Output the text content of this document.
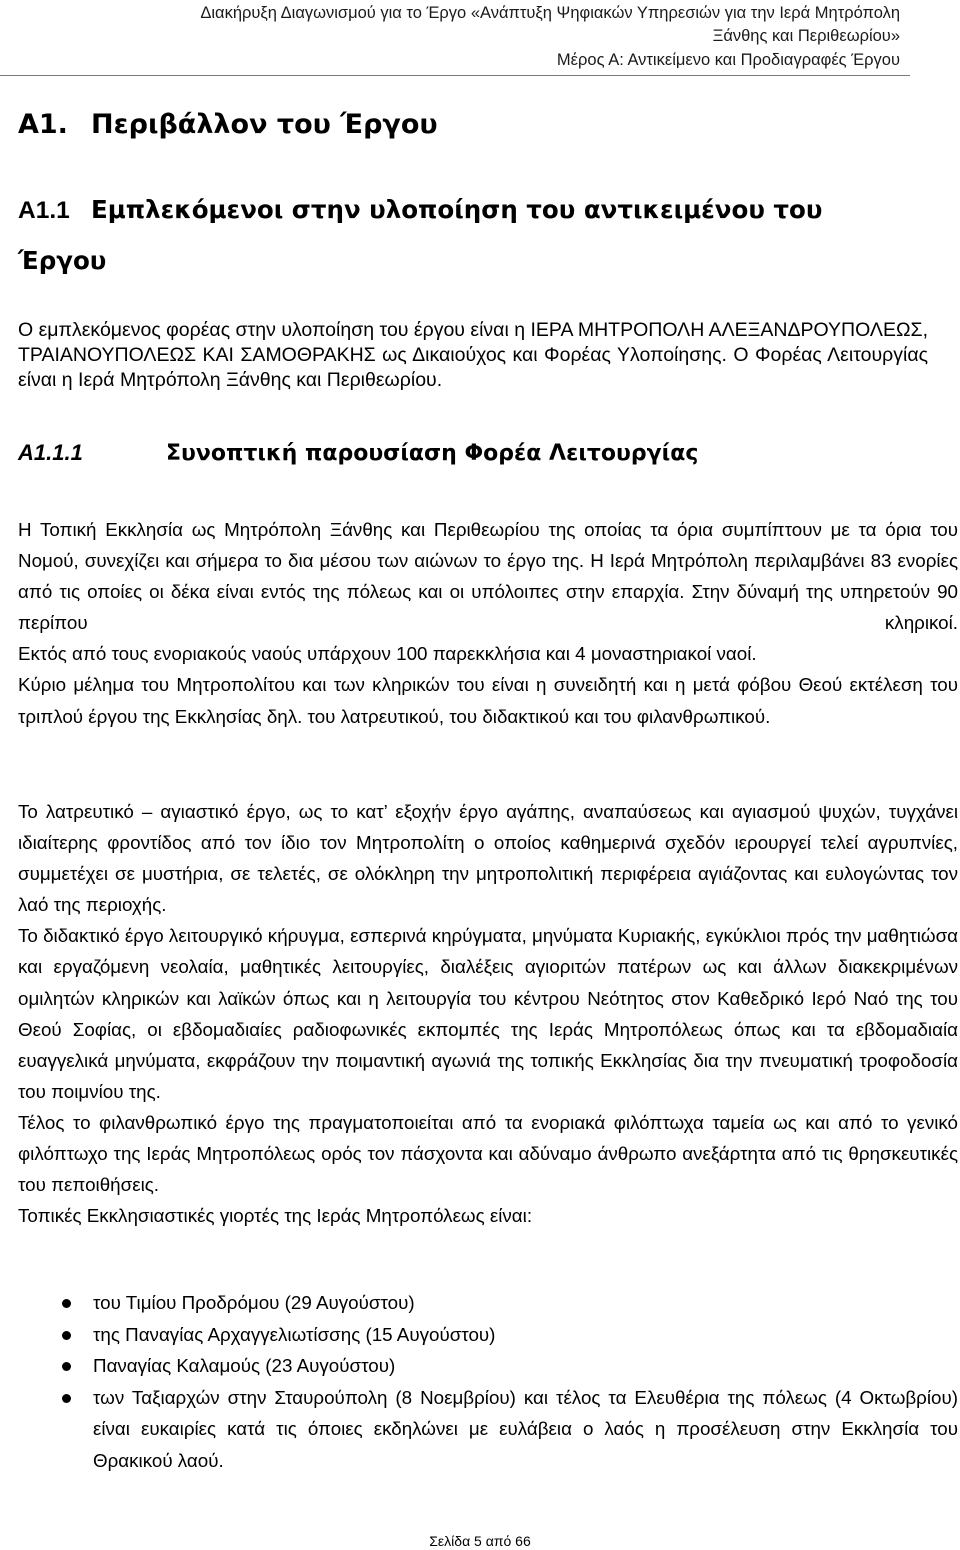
Διακήρυξη Διαγωνισμού για το Έργο «Ανάπτυξη Ψηφιακών Υπηρεσιών για την Ιερά Μητρόπολη
Ξάνθης και Περιθεωρίου»
Μέρος Α: Αντικείμενο και Προδιαγραφές Έργου
A1. Περιβάλλον του Έργου
A1.1 Εμπλεκόμενοι στην υλοποίηση του αντικειμένου του Έργου
Ο εμπλεκόμενος φορέας στην υλοποίηση του έργου είναι η ΙΕΡΑ ΜΗΤΡΟΠΟΛΗ ΑΛΕΞΑΝΔΡΟΥΠΟΛΕΩΣ, ΤΡΑΙΑΝΟΥΠΟΛΕΩΣ ΚΑΙ ΣΑΜΟΘΡΑΚΗΣ ως Δικαιούχος και Φορέας Υλοποίησης. Ο Φορέας Λειτουργίας είναι η Ιερά Μητρόπολη Ξάνθης και Περιθεωρίου.
A1.1.1	Συνοπτική παρουσίαση Φορέα Λειτουργίας

Η Τοπική Εκκλησία ως Μητρόπολη Ξάνθης και Περιθεωρίου της οποίας τα όρια συμπίπτουν με τα όρια του Νομού, συνεχίζει και σήμερα το δια μέσου των αιώνων το έργο της. Η Ιερά Μητρόπολη περιλαμβάνει 83 ενορίες από τις οποίες οι δέκα είναι εντός της πόλεως και οι υπόλοιπες στην επαρχία. Στην δύναμή της υπηρετούν 90 περίπου κληρικοί.

Εκτός από τους ενοριακούς ναούς υπάρχουν 100 παρεκκλήσια και 4 μοναστηριακοί ναοί.

Κύριο μέλημα του Μητροπολίτου και των κληρικών του είναι η συνειδητή και η μετά φόβου Θεού εκτέλεση του τριπλού έργου της Εκκλησίας δηλ. του λατρευτικού, του διδακτικού και του φιλανθρωπικού.

Το λατρευτικό – αγιαστικό έργο, ως το κατ’ εξοχήν έργο αγάπης, αναπαύσεως και αγιασμού ψυχών, τυγχάνει ιδιαίτερης φροντίδος από τον ίδιο τον Μητροπολίτη ο οποίος καθημερινά σχεδόν ιερουργεί τελεί αγρυπνίες, συμμετέχει σε μυστήρια, σε τελετές, σε ολόκληρη την μητροπολιτική περιφέρεια αγιάζοντας και ευλογώντας τον λαό της περιοχής.

Το διδακτικό έργο λειτουργικό κήρυγμα, εσπερινά κηρύγματα, μηνύματα Κυριακής, εγκύκλιοι πρός την μαθητιώσα και εργαζόμενη νεολαία, μαθητικές λειτουργίες, διαλέξεις αγιοριτών πατέρων ως και άλλων διακεκριμένων ομιλητών κληρικών και λαϊκών όπως και η λειτουργία του κέντρου Νεότητος στον Καθεδρικό Ιερό Ναό της του Θεού Σοφίας, οι εβδομαδιαίες ραδιοφωνικές εκπομπές της Ιεράς Μητροπόλεως όπως και τα εβδομαδιαία ευαγγελικά μηνύματα, εκφράζουν την ποιμαντική αγωνιά της τοπικής Εκκλησίας δια την πνευματική τροφοδοσία του ποιμνίου της.

Τέλος το φιλανθρωπικό έργο της πραγματοποιείται από τα ενοριακά φιλόπτωχα ταμεία ως και από το γενικό φιλόπτωχο της Ιεράς Μητροπόλεως ορός τον πάσχοντα και αδύναμο άνθρωπο ανεξάρτητα από τις θρησκευτικές του πεποιθήσεις.

Τοπικές Εκκλησιαστικές γιορτές της Ιεράς Μητροπόλεως είναι:

του Τιμίου Προδρόμου (29 Αυγούστου)
της Παναγίας Αρχαγγελιωτίσσης (15 Αυγούστου)
Παναγίας Καλαμούς (23 Αυγούστου)
των Ταξιαρχών στην Σταυρούπολη (8 Νοεμβρίου) και τέλος τα Ελευθέρια της πόλεως (4 Οκτωβρίου) είναι ευκαιρίες κατά τις όποιες εκδηλώνει με ευλάβεια ο λαός η προσέλευση στην Εκκλησία του Θρακικού λαού.
Σελίδα 5 από 66
